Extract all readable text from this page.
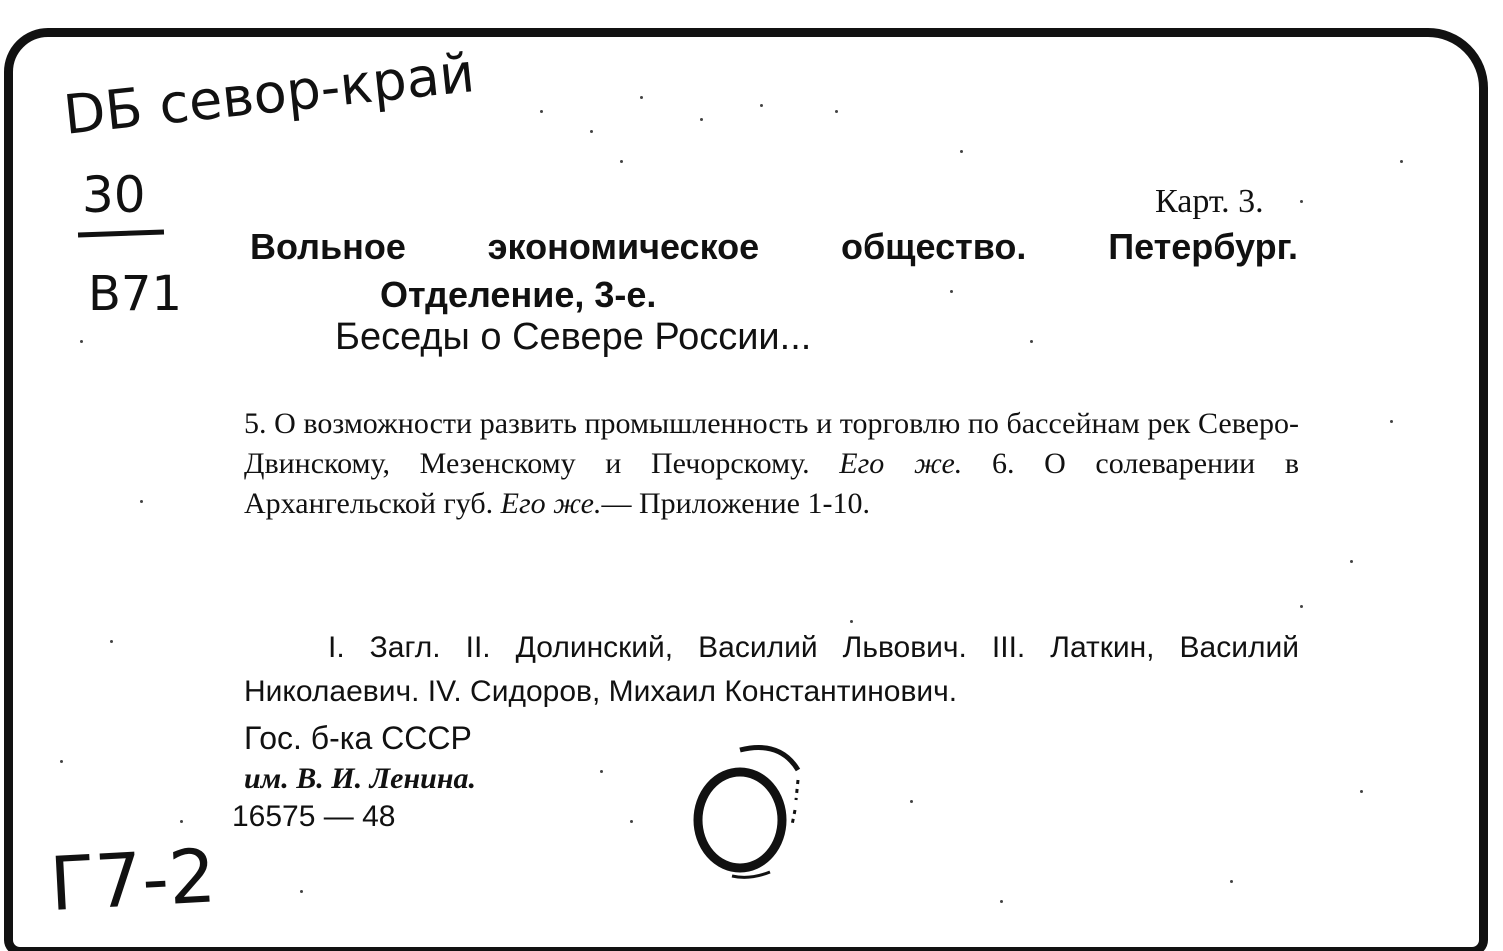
DБ севор-край
30
В71
Г7-2
Карт. 3.
Вольное экономическое общество. Петербург.
Отделение, 3-е.
Беседы о Севере России...
5. О возможности развить промышленность и торговлю по бассейнам рек Северо-Двинскому, Мезенскому и Печорскому. Его же. 6. О солеварении в Архангельской губ. Его же.— Приложение 1-10.
I. Загл. II. Долинский, Василий Львович. III. Латкин, Василий Николаевич. IV. Сидоров, Михаил Константинович.
Гос. б-ка СССР
им. В. И. Ленина.
16575 — 48
